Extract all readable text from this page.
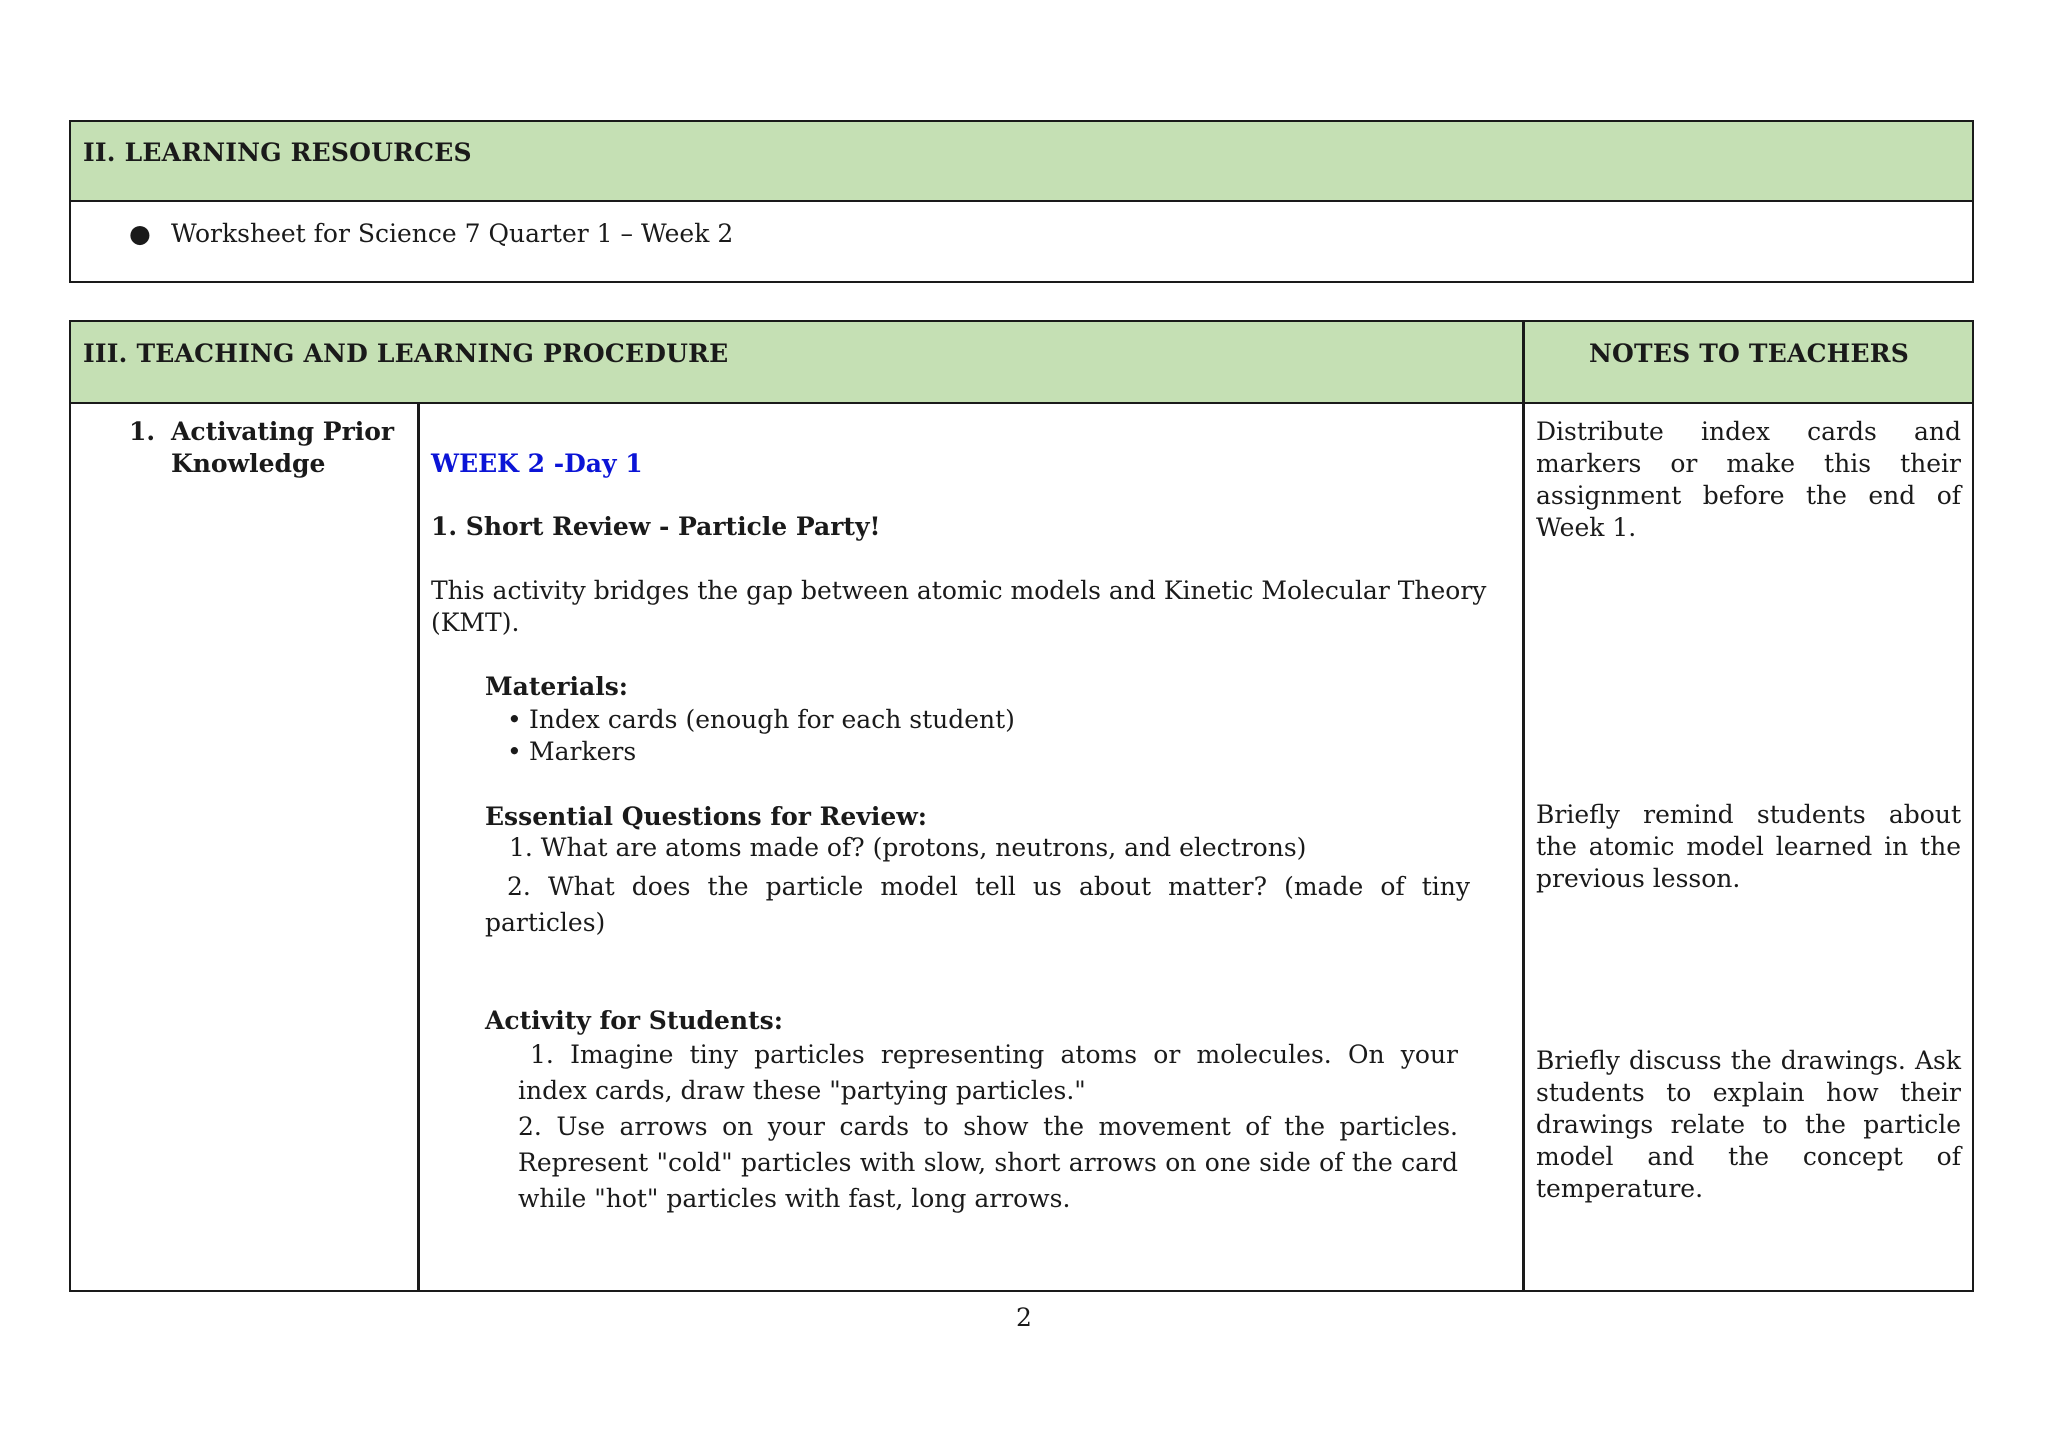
II. LEARNING RESOURCES
● Worksheet for Science 7 Quarter 1 – Week 2
III. TEACHING AND LEARNING PROCEDURE	NOTES TO TEACHERS
1. Activating Prior
Knowledge	WEEK 2 -Day 1
1. Short Review - Particle Party!
This activity bridges the gap between atomic models and Kinetic Molecular Theory (KMT).
Materials:
• Index cards (enough for each student)
• Markers
Essential Questions for Review:
1. What are atoms made of? (protons, neutrons, and electrons)
2. What does the particle model tell us about matter? (made of tiny particles)
Activity for Students:
1. Imagine tiny particles representing atoms or molecules. On your index cards, draw these "partying particles."
2. Use arrows on your cards to show the movement of the particles. Represent "cold" particles with slow, short arrows on one side of the card while "hot" particles with fast, long arrows.
Distribute index cards and markers or make this their assignment before the end of Week 1.
Briefly remind students about the atomic model learned in the previous lesson.
Briefly discuss the drawings. Ask students to explain how their drawings relate to the particle model and the concept of temperature.
2
